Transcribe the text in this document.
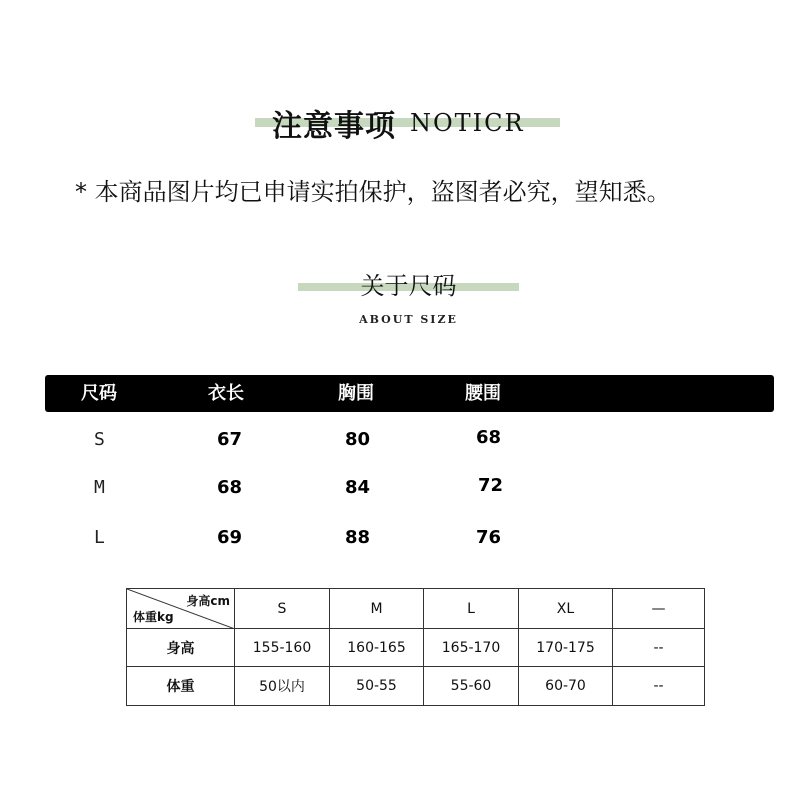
注意事项 NOTICR
* 本商品图片均已申请实拍保护，盗图者必究，望知悉。
关于尺码
ABOUT SIZE
尺码	衣长	胸围	腰围
S	67	80	68
M	68	84	72
L	69	88	76
身高cm
体重kg	S	M	L	XL	—
身高	155-160	160-165	165-170	170-175	--
体重	50以内	50-55	55-60	60-70	--
